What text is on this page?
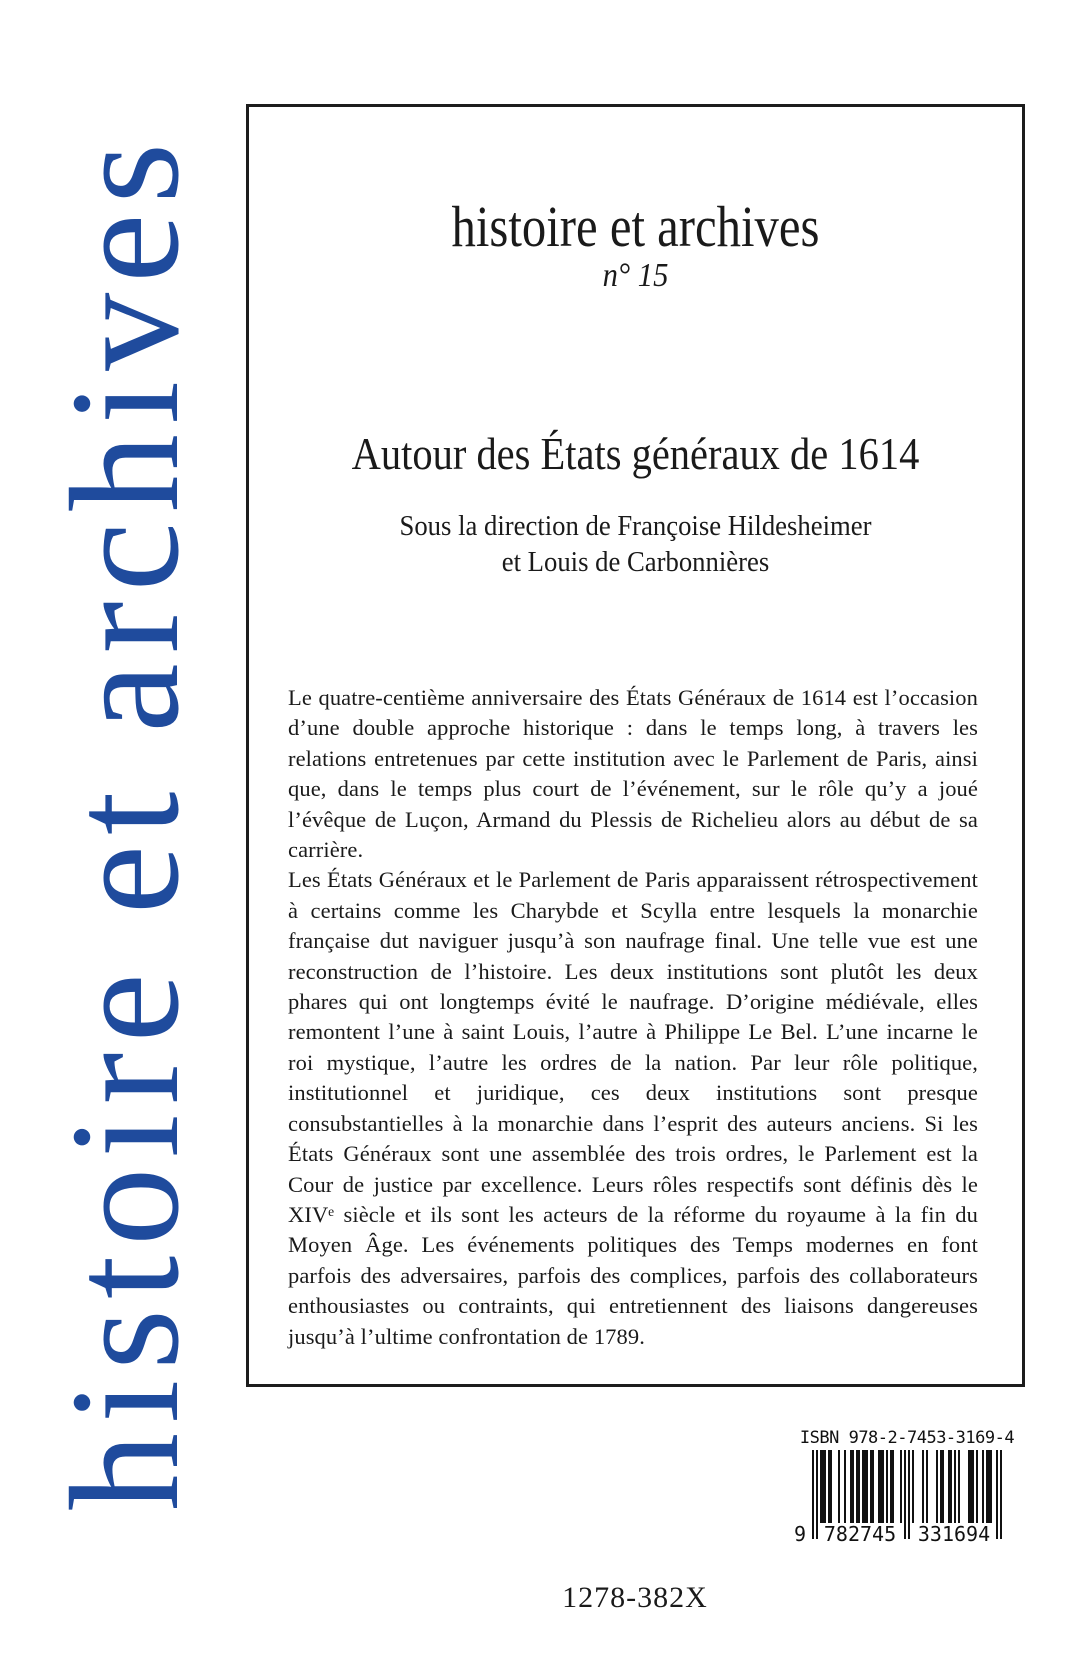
histoire et archives	histoire et archives
n° 15
Autour des États généraux de 1614
Sous la direction de Françoise Hildesheimer
et Louis de Carbonnières

Le quatre-centième anniversaire des États Généraux de 1614 est l’occasion d’une double approche historique : dans le temps long, à travers les relations entretenues par cette institution avec le Parlement de Paris, ainsi que, dans le temps plus court de l’événement, sur le rôle qu’y a joué l’évêque de Luçon, Armand du Plessis de Richelieu alors au début de sa carrière.

Les États Généraux et le Parlement de Paris apparaissent rétrospectivement à certains comme les Charybde et Scylla entre lesquels la monarchie française dut naviguer jusqu’à son naufrage final. Une telle vue est une reconstruction de l’histoire. Les deux institutions sont plutôt les deux phares qui ont longtemps évité le naufrage. D’origine médiévale, elles remontent l’une à saint Louis, l’autre à Philippe Le Bel. L’une incarne le roi mystique, l’autre les ordres de la nation. Par leur rôle politique, institutionnel et juridique, ces deux institutions sont presque consubstantielles à la monarchie dans l’esprit des auteurs anciens. Si les États Généraux sont une assemblée des trois ordres, le Parlement est la Cour de justice par excellence. Leurs rôles respectifs sont définis dès le XIVᵉ siècle et ils sont les acteurs de la réforme du royaume à la fin du Moyen Âge. Les événements politiques des Temps modernes en font parfois des adversaires, parfois des complices, parfois des collaborateurs enthousiastes ou contraints, qui entretiennent des liaisons dangereuses jusqu’à l’ultime confrontation de 1789.

ISBN 978-2-7453-3169-4
9 782745 331694
1278-382X
